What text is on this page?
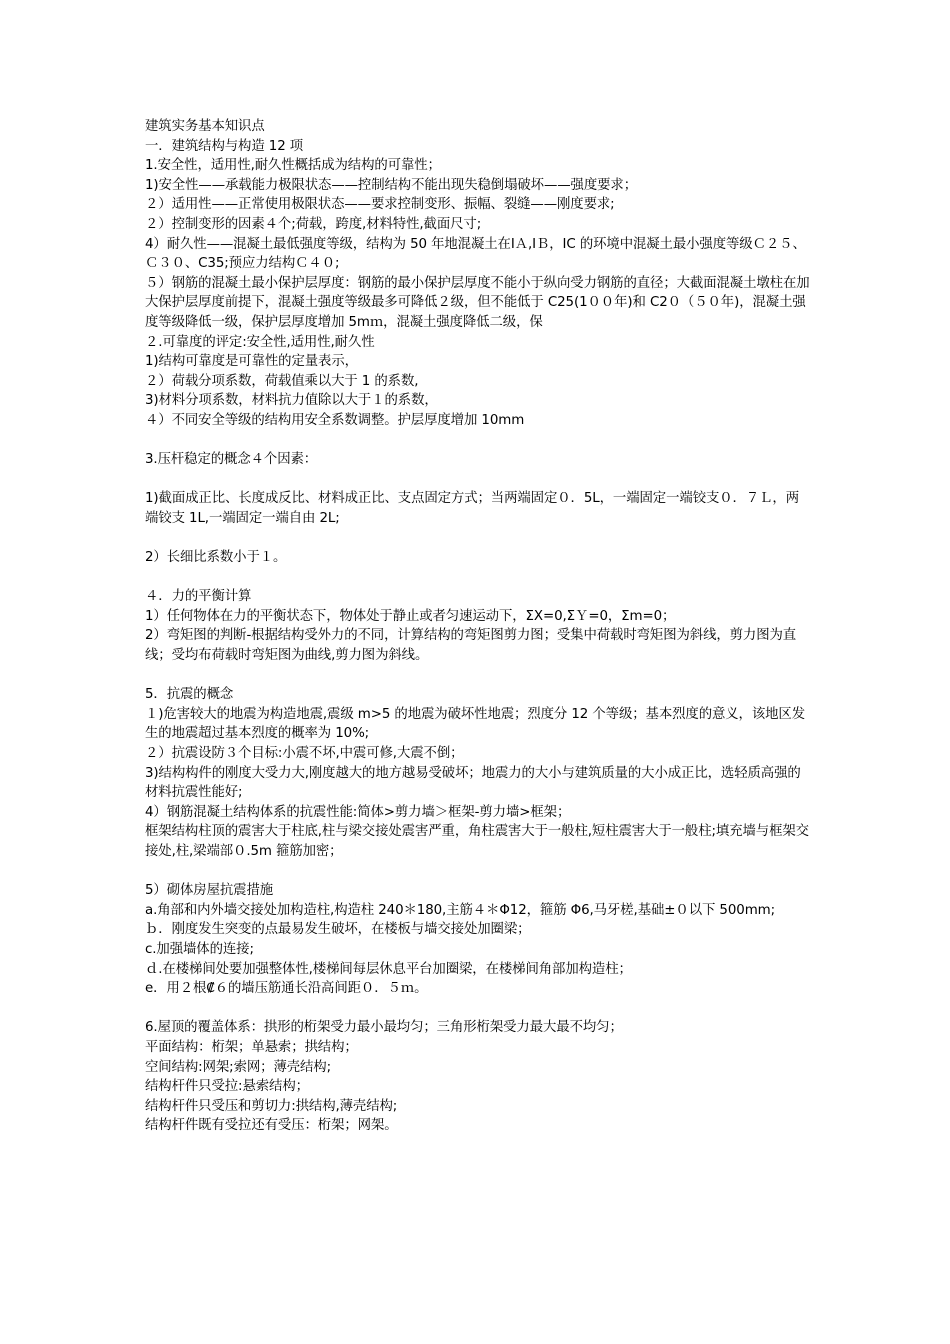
建筑实务基本知识点
一．建筑结构与构造 12 项
1.安全性，适用性,耐久性概括成为结构的可靠性；
1)安全性——承载能力极限状态——控制结构不能出现失稳倒塌破坏——强度要求；
２）适用性——正常使用极限状态——要求控制变形、振幅、裂缝——刚度要求;
２）控制变形的因素４个;荷载，跨度,材料特性,截面尺寸;
4）耐久性——混凝土最低强度等级，结构为 50 年地混凝土在ⅠＡ,ⅠＢ，IC 的环境中混凝土最小强度等级Ｃ２５、Ｃ３０、C35;预应力结构Ｃ４０;
５）钢筋的混凝土最小保护层厚度：钢筋的最小保护层厚度不能小于纵向受力钢筋的直径；大截面混凝土墩柱在加大保护层厚度前提下，混凝土强度等级最多可降低２级，但不能低于 C25(1００年)和 C2０（５０年)，混凝土强度等级降低一级，保护层厚度增加 5mｍ，混凝土强度降低二级，保
２.可靠度的评定:安全性,适用性,耐久性
1)结构可靠度是可靠性的定量表示，
２）荷载分项系数，荷载值乘以大于 1 的系数,
3)材料分项系数，材料抗力值除以大于１的系数，
４）不同安全等级的结构用安全系数调整。护层厚度增加 10mm
3.压杆稳定的概念４个因素：
1)截面成正比、长度成反比、材料成正比、支点固定方式；当两端固定０．5L，一端固定一端铰支０．７Ｌ，两端铰支 1L,一端固定一端自由 2L;
2）长细比系数小于１。
４．力的平衡计算
1）任何物体在力的平衡状态下，物体处于静止或者匀速运动下，ΣX=0,ΣＹ=0，Σm=0；
2）弯矩图的判断-根据结构受外力的不同，计算结构的弯矩图剪力图；受集中荷载时弯矩图为斜线，剪力图为直线；受均布荷载时弯矩图为曲线,剪力图为斜线。
5．抗震的概念
１)危害较大的地震为构造地震,震级 m>5 的地震为破坏性地震；烈度分 12 个等级；基本烈度的意义，该地区发生的地震超过基本烈度的概率为 10%;
２）抗震设防３个目标:小震不坏,中震可修,大震不倒；
3)结构构件的刚度大受力大,刚度越大的地方越易受破坏；地震力的大小与建筑质量的大小成正比，选轻质高强的材料抗震性能好;
4）钢筋混凝土结构体系的抗震性能:简体>剪力墙＞框架-剪力墙>框架；
框架结构柱顶的震害大于柱底,柱与梁交接处震害严重，角柱震害大于一般柱,短柱震害大于一般柱;填充墙与框架交接处,柱,梁端部０.5m 箍筋加密；
5）砌体房屋抗震措施
a.角部和内外墙交接处加构造柱,构造柱 240＊180,主筋４＊Φ12，箍筋 Φ6,马牙槎,基础±０以下 500mm;
ｂ．刚度发生突变的点最易发生破坏，在楼板与墙交接处加圈梁；
c.加强墙体的连接;
ｄ.在楼梯间处要加强整体性,楼梯间每层休息平台加圈梁，在楼梯间角部加构造柱；
e．用２根₡６的墙压筋通长沿高间距０．５ｍ。
6.屋顶的覆盖体系：拱形的桁架受力最小最均匀；三角形桁架受力最大最不均匀；
平面结构：桁架；单悬索；拱结构；
空间结构:网架;索网；薄壳结构;
结构杆件只受拉:悬索结构；
结构杆件只受压和剪切力:拱结构,薄壳结构;
结构杆件既有受拉还有受压：桁架；网架。
